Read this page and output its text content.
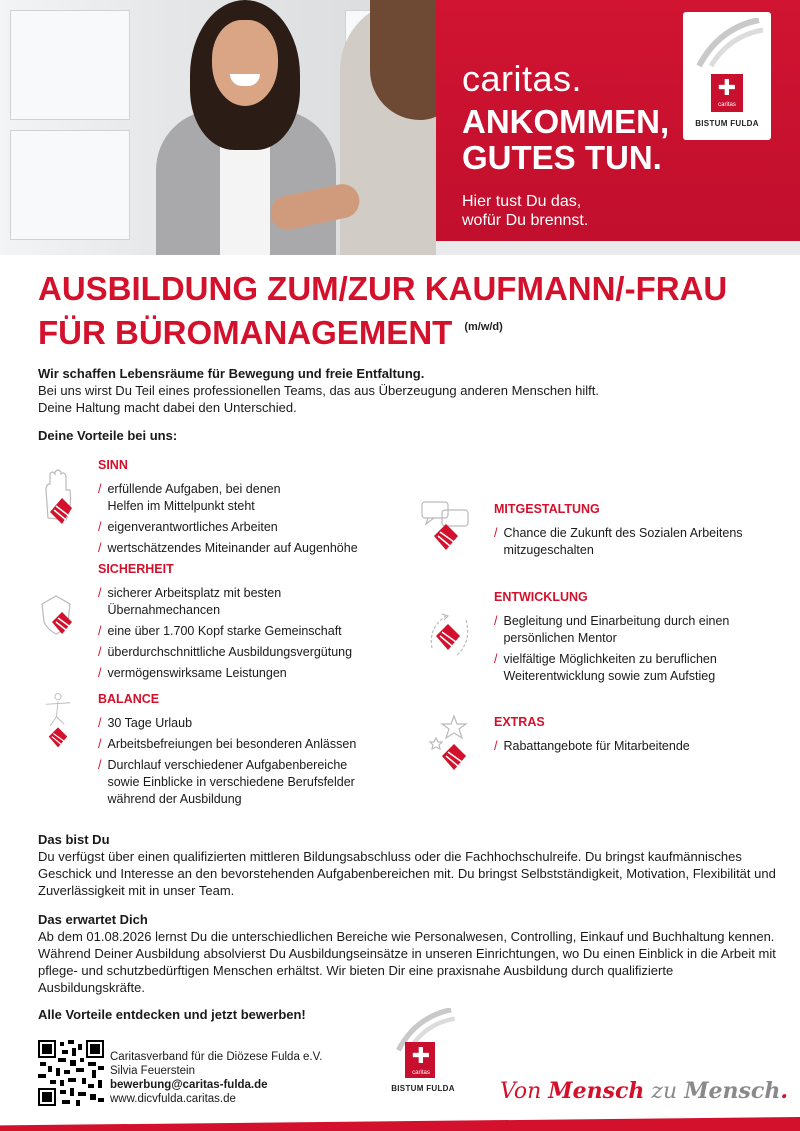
caritas.
ANKOMMEN,
GUTES TUN.
Hier tust Du das,
wofür Du brennst.
✚
caritas
BISTUM FULDA
AUSBILDUNG ZUM/ZUR KAUFMANN/-FRAU
FÜR BÜROMANAGEMENT $^{(m/w/d)}$
Wir schaffen Lebensräume für Bewegung und freie Entfaltung.
Bei uns wirst Du Teil eines professionellen Teams, das aus Überzeugung anderen Menschen hilft.
Deine Haltung macht dabei den Unterschied.
Deine Vorteile bei uns:
SINN
/ erfüllende Aufgaben, bei denen
Helfen im Mittelpunkt steht
/ eigenverantwortliches Arbeiten
/ wertschätzendes Miteinander auf Augenhöhe
SICHERHEIT
/ sicherer Arbeitsplatz mit besten
Übernahmechancen
/ eine über 1.700 Kopf starke Gemeinschaft
/ überdurchschnittliche Ausbildungsvergütung
/ vermögenswirksame Leistungen
BALANCE
/ 30 Tage Urlaub
/ Arbeitsbefreiungen bei besonderen Anlässen
/ Durchlauf verschiedener Aufgabenbereiche
sowie Einblicke in verschiedene Berufsfelder
während der Ausbildung
MITGESTALTUNG
/ Chance die Zukunft des Sozialen Arbeitens
mitzugeschalten
ENTWICKLUNG
/ Begleitung und Einarbeitung durch einen
persönlichen Mentor
/ vielfältige Möglichkeiten zu beruflichen
Weiterentwicklung sowie zum Aufstieg
EXTRAS
/ Rabattangebote für Mitarbeitende
Das bist Du
Du verfügst über einen qualifizierten mittleren Bildungsabschluss oder die Fachhochschulreife. Du bringst kaufmännisches Geschick und Interesse an den bevorstehenden Aufgabenbereichen mit. Du bringst Selbstständigkeit, Motivation, Flexibilität und Zuverlässigkeit mit in unser Team.
Das erwartet Dich
Ab dem 01.08.2026 lernst Du die unterschiedlichen Bereiche wie Personalwesen, Controlling, Einkauf und Buchhaltung kennen. Während Deiner Ausbildung absolvierst Du Ausbildungseinsätze in unseren Einrichtungen, wo Du einen Einblick in die Arbeit mit pflege- und schutzbedürftigen Menschen erhältst. Wir bieten Dir eine praxisnahe Ausbildung durch qualifizierte Ausbildungskräfte.
Alle Vorteile entdecken und jetzt bewerben!
Caritasverband für die Diözese Fulda e.V.
Silvia Feuerstein
bewerbung@caritas-fulda.de
www.dicvfulda.caritas.de
✚
caritas
BISTUM FULDA Von Mensch zu Mensch.
